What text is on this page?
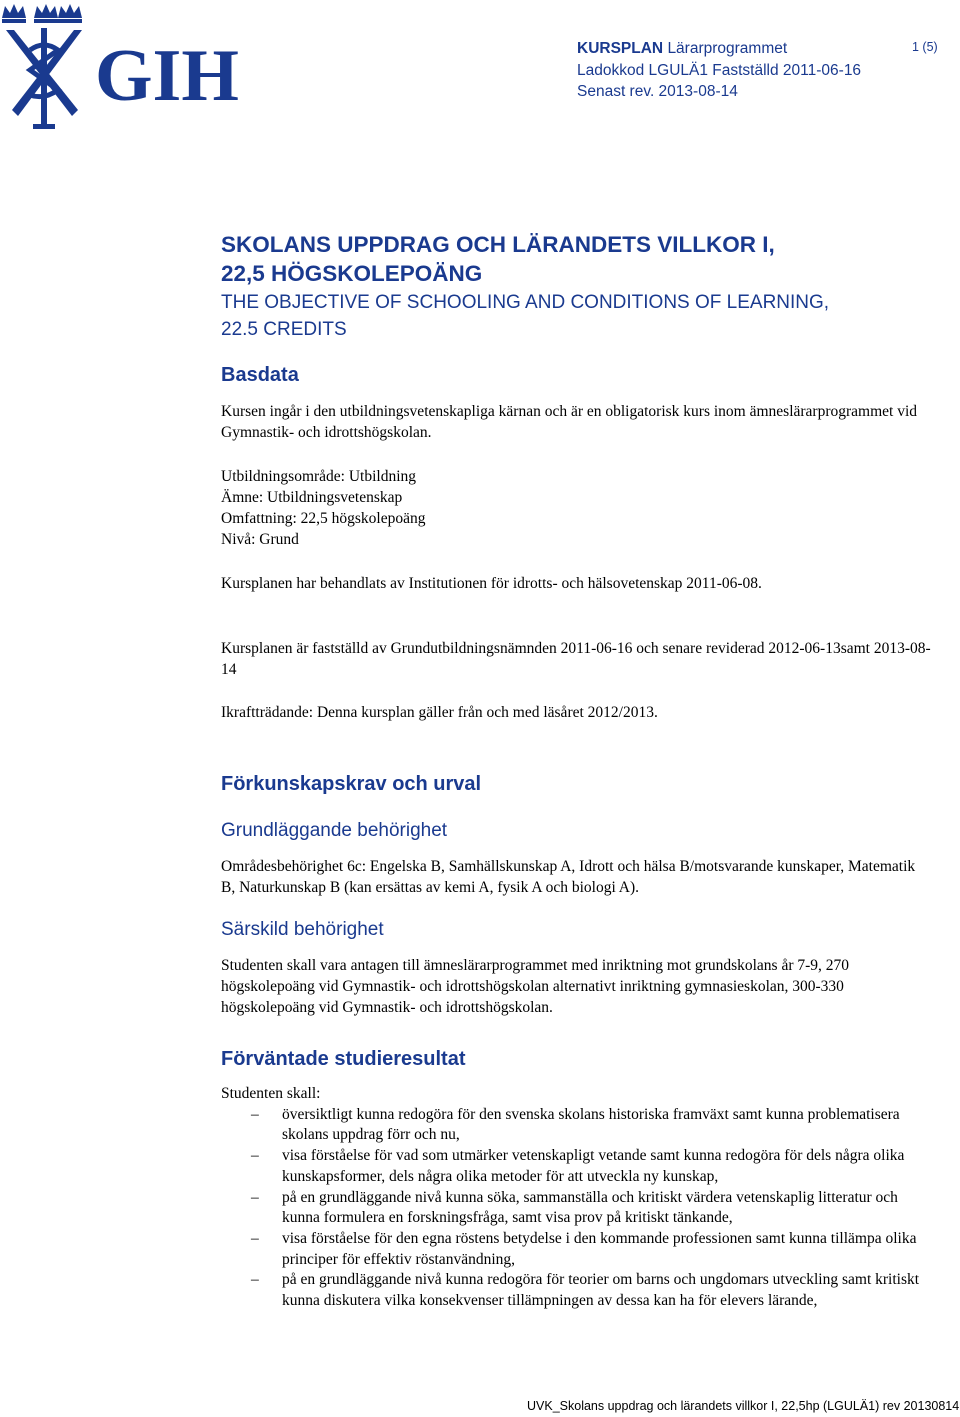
GIH	KURSPLAN Lärarprogrammet
Ladokkod LGULÄ1 Fastställd 2011-06-16
Senast rev. 2013-08-14
1 (5)
SKOLANS UPPDRAG OCH LÄRANDETS VILLKOR I,
22,5 HÖGSKOLEPOÄNG
THE OBJECTIVE OF SCHOOLING AND CONDITIONS OF LEARNING,
22.5 CREDITS
Basdata

Kursen ingår i den utbildningsvetenskapliga kärnan och är en obligatorisk kurs inom ämneslärarprogrammet vid Gymnastik- och idrottshögskolan.

Utbildningsområde: Utbildning

Ämne: Utbildningsvetenskap

Omfattning: 22,5 högskolepoäng

Nivå: Grund

Kursplanen har behandlats av Institutionen för idrotts- och hälsovetenskap 2011-06-08.

Kursplanen är fastställd av Grundutbildningsnämnden 2011-06-16 och senare reviderad 2012-06-13samt 2013-08-14

Ikraftträdande: Denna kursplan gäller från och med läsåret 2012/2013.

Förkunskapskrav och urval
Grundläggande behörighet

Områdesbehörighet 6c: Engelska B, Samhällskunskap A, Idrott och hälsa B/motsvarande kunskaper, Matematik B, Naturkunskap B (kan ersättas av kemi A, fysik A och biologi A).

Särskild behörighet

Studenten skall vara antagen till ämneslärarprogrammet med inriktning mot grundskolans år 7-9, 270 högskolepoäng vid Gymnastik- och idrottshögskolan alternativt inriktning gymnasieskolan, 300-330 högskolepoäng vid Gymnastik- och idrottshögskolan.

Förväntade studieresultat
Studenten skall:
– översiktligt kunna redogöra för den svenska skolans historiska framväxt samt kunna problematisera skolans uppdrag förr och nu,
– visa förståelse för vad som utmärker vetenskapligt vetande samt kunna redogöra för dels några olika kunskapsformer, dels några olika metoder för att utveckla ny kunskap,
– på en grundläggande nivå kunna söka, sammanställa och kritiskt värdera vetenskaplig litteratur och kunna formulera en forskningsfråga, samt visa prov på kritiskt tänkande,
– visa förståelse för den egna röstens betydelse i den kommande professionen samt kunna tillämpa olika principer för effektiv röstanvändning,
– på en grundläggande nivå kunna redogöra för teorier om barns och ungdomars utveckling samt kritiskt kunna diskutera vilka konsekvenser tillämpningen av dessa kan ha för elevers lärande,
UVK_Skolans uppdrag och lärandets villkor I, 22,5hp (LGULÄ1) rev 20130814
